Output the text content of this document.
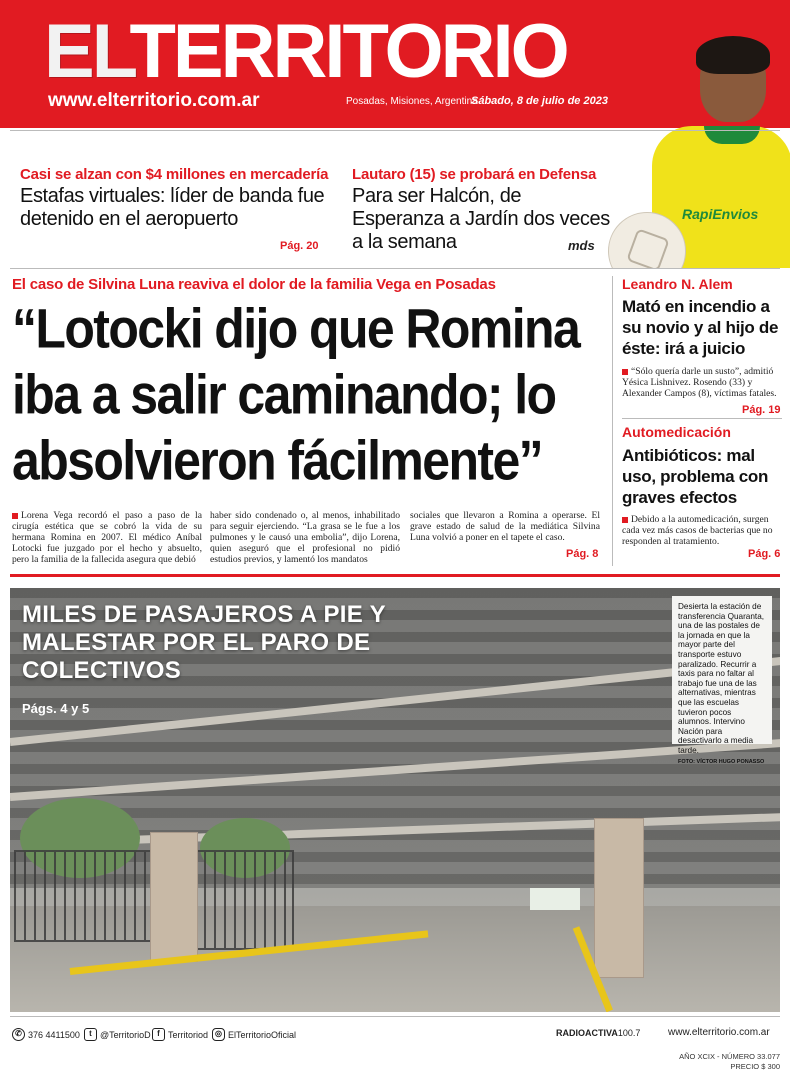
ELTERRITORIO
www.elterritorio.com.ar	Posadas, Misiones, Argentina
Sábado, 8 de julio de 2023
RapiEnvios
Casi se alzan con $4 millones en mercadería
Estafas virtuales: líder de banda fue detenido en el aeropuerto
Pág. 20
Lautaro (15) se probará en Defensa
Para ser Halcón, de Esperanza a Jardín dos veces a la semana	mds
El caso de Silvina Luna reaviva el dolor de la familia Vega en Posadas
“Lotocki dijo que Romina iba a salir caminando; lo absolvieron fácilmente”
Lorena Vega recordó el paso a paso de la cirugía estética que se cobró la vida de su hermana Romina en 2007. El médico Aníbal Lotocki fue juzgado por el hecho y absuelto, pero la familia de la fallecida asegura que debió
haber sido condenado o, al menos, inhabilitado para seguir ejerciendo. “La grasa se le fue a los pulmones y le causó una embolia”, dijo Lorena, quien aseguró que el profesional no pidió estudios previos, y lamentó los mandatos
sociales que llevaron a Romina a operarse. El grave estado de salud de la mediática Silvina Luna volvió a poner en el tapete el caso.
Pág. 8
Leandro N. Alem
Mató en incendio a su novio y al hijo de éste: irá a juicio
“Sólo quería darle un susto”, admitió Yésica Lishnivez. Rosendo (33) y Alexander Campos (8), víctimas fatales.
Pág. 19
Automedicación
Antibióticos: mal uso, problema con graves efectos
Debido a la automedicación, surgen cada vez más casos de bacterias que no responden al tratamiento.
Pág. 6
MILES DE PASAJEROS A PIE Y MALESTAR POR EL PARO DE COLECTIVOS
Págs. 4 y 5
Desierta la estación de transferencia Quaranta, una de las postales de la jornada en que la mayor parte del transporte estuvo paralizado. Recurrir a taxis para no faltar al trabajo fue una de las alternativas, mientras que las escuelas tuvieron pocos alumnos. Intervino Nación para desactivarlo a media tarde.
FOTO: VÍCTOR HUGO PONASSO
✆ 376 4411500	t @TerritorioD f Territoriod ◎ ElTerritorioOficial	RADIOACTIVA100.7	www.elterritorio.com.ar
AÑO XCIX - NÚMERO 33.077
PRECIO $ 300
